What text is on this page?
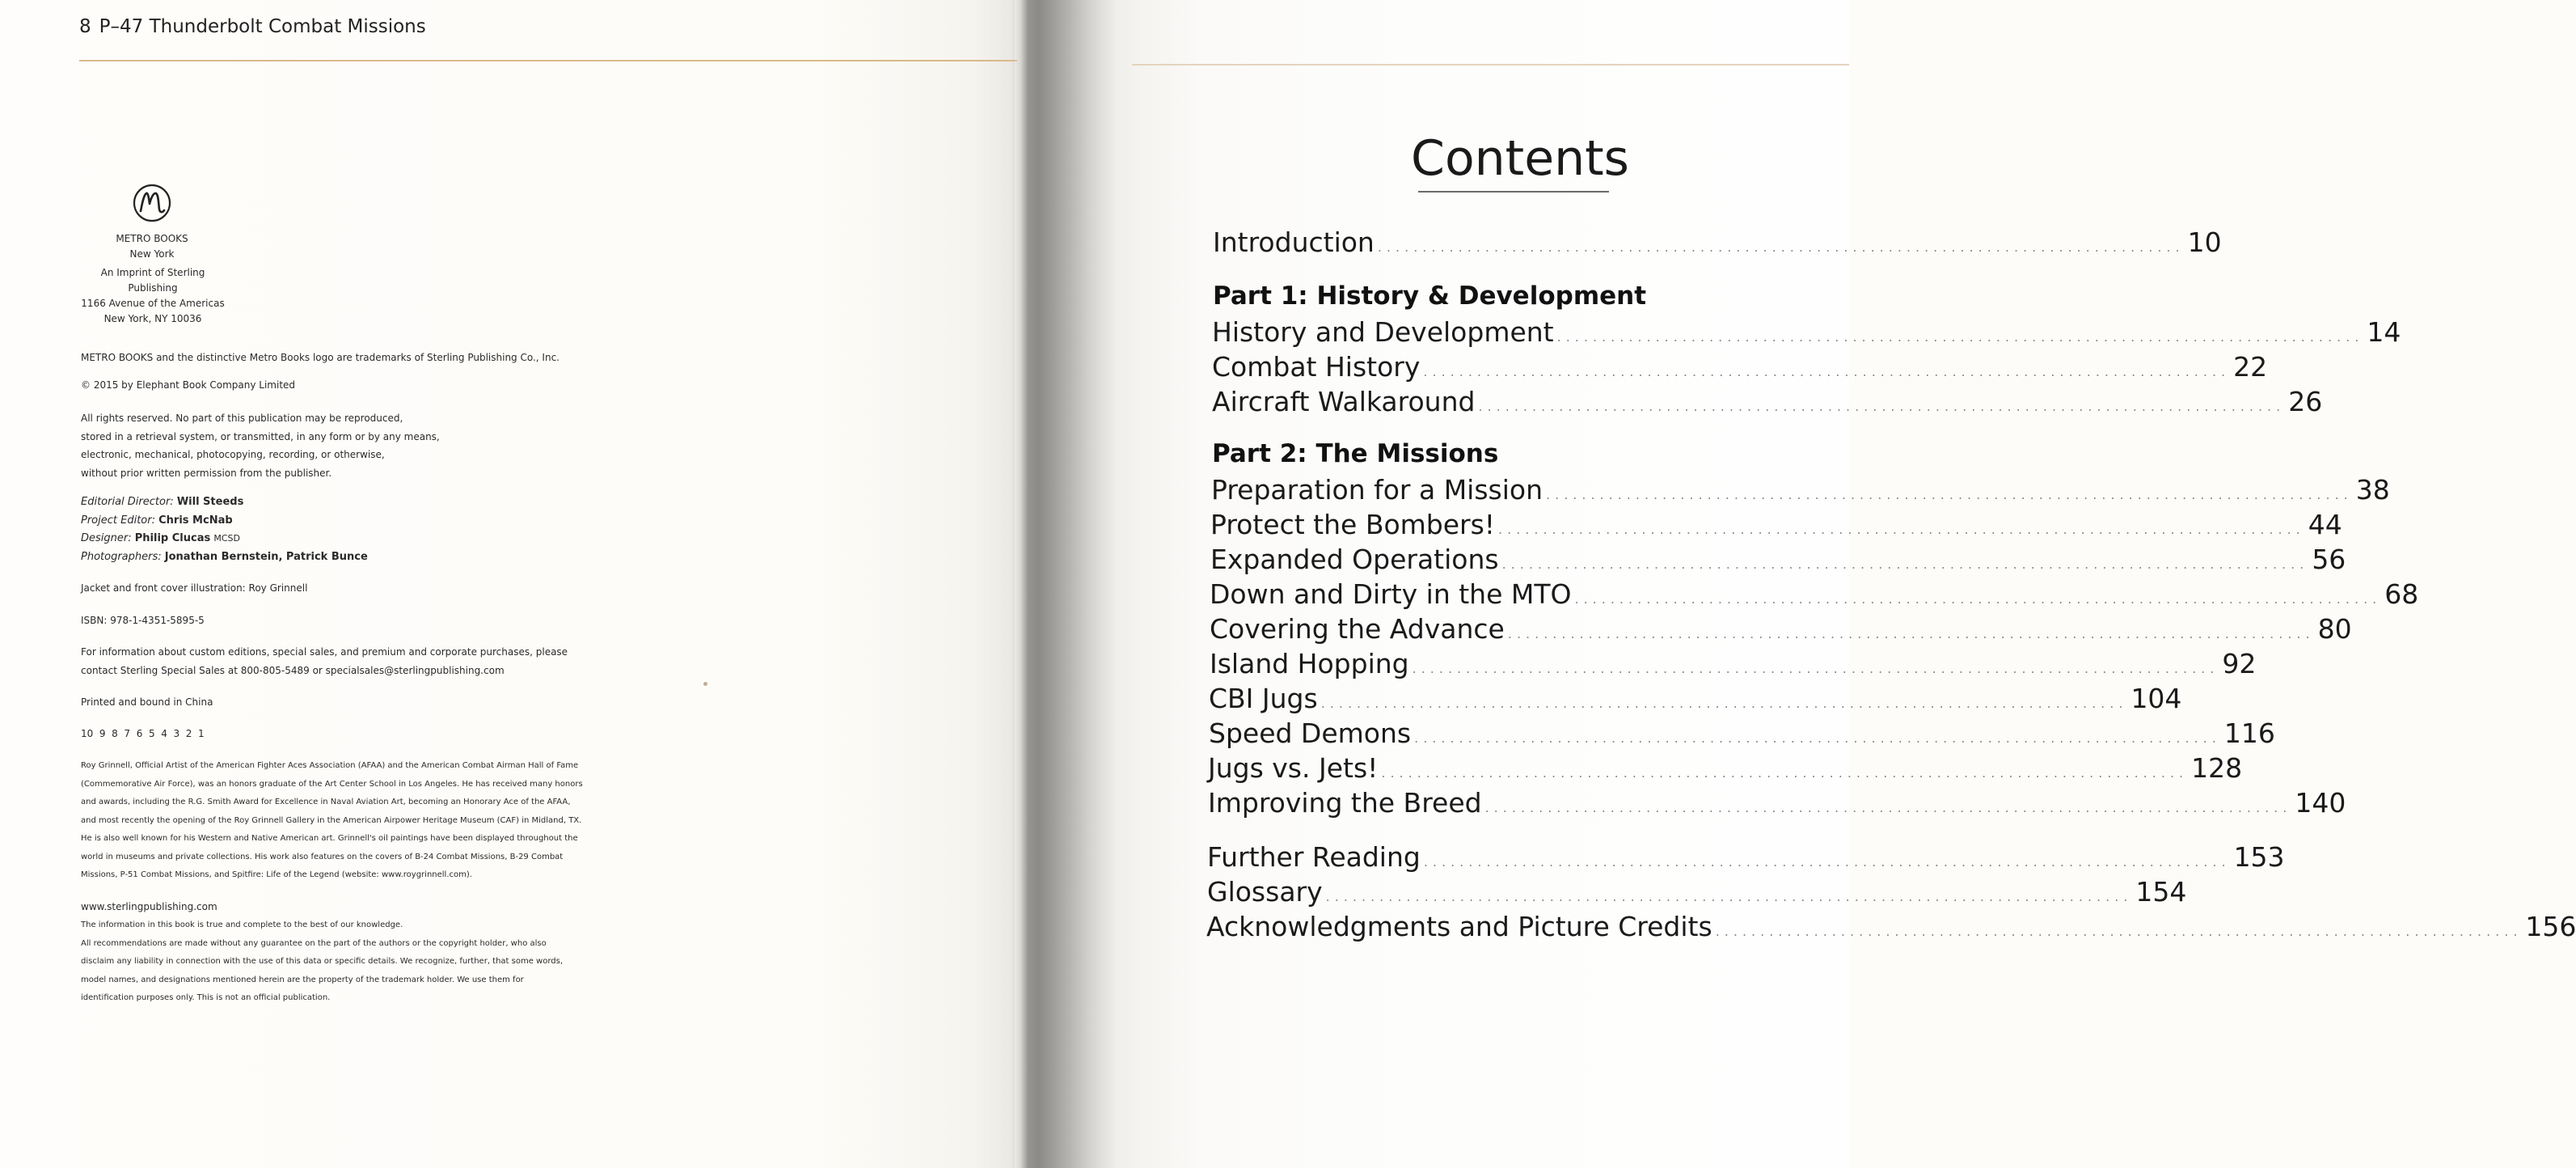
8 P–47 Thunderbolt Combat Missions
METRO BOOKS
New York
An Imprint of Sterling Publishing
1166 Avenue of the Americas
New York, NY 10036

METRO BOOKS and the distinctive Metro Books logo are trademarks of Sterling Publishing Co., Inc.

© 2015 by Elephant Book Company Limited

All rights reserved. No part of this publication may be reproduced,

stored in a retrieval system, or transmitted, in any form or by any means,

electronic, mechanical, photocopying, recording, or otherwise,

without prior written permission from the publisher.

Editorial Director: Will Steeds

Project Editor: Chris McNab

Designer: Philip Clucas MCSD

Photographers: Jonathan Bernstein, Patrick Bunce

Jacket and front cover illustration: Roy Grinnell

ISBN: 978-1-4351-5895-5

For information about custom editions, special sales, and premium and corporate purchases, please

contact Sterling Special Sales at 800-805-5489 or specialsales@sterlingpublishing.com

Printed and bound in China

10  9  8  7  6  5  4  3  2  1

Roy Grinnell, Official Artist of the American Fighter Aces Association (AFAA) and the American Combat Airman Hall of Fame

(Commemorative Air Force), was an honors graduate of the Art Center School in Los Angeles. He has received many honors

and awards, including the R.G. Smith Award for Excellence in Naval Aviation Art, becoming an Honorary Ace of the AFAA,

and most recently the opening of the Roy Grinnell Gallery in the American Airpower Heritage Museum (CAF) in Midland, TX.

He is also well known for his Western and Native American art. Grinnell's oil paintings have been displayed throughout the

world in museums and private collections. His work also features on the covers of B-24 Combat Missions, B-29 Combat

Missions, P-51 Combat Missions, and Spitfire: Life of the Legend (website: www.roygrinnell.com).

www.sterlingpublishing.com

The information in this book is true and complete to the best of our knowledge.

All recommendations are made without any guarantee on the part of the authors or the copyright holder, who also

disclaim any liability in connection with the use of this data or specific details. We recognize, further, that some words,

model names, and designations mentioned herein are the property of the trademark holder. We use them for

identification purposes only. This is not an official publication.

Contents
Introduction .......................................................................................... 10
Part 1: History & Development
History and Development .......................................................................................... 14
Combat History .......................................................................................... 22
Aircraft Walkaround .......................................................................................... 26
Part 2: The Missions
Preparation for a Mission .......................................................................................... 38
Protect the Bombers! .......................................................................................... 44
Expanded Operations .......................................................................................... 56
Down and Dirty in the MTO .......................................................................................... 68
Covering the Advance .......................................................................................... 80
Island Hopping .......................................................................................... 92
CBI Jugs .......................................................................................... 104
Speed Demons .......................................................................................... 116
Jugs vs. Jets! .......................................................................................... 128
Improving the Breed .......................................................................................... 140
Further Reading .......................................................................................... 153
Glossary .......................................................................................... 154
Acknowledgments and Picture Credits .......................................................................................... 156
